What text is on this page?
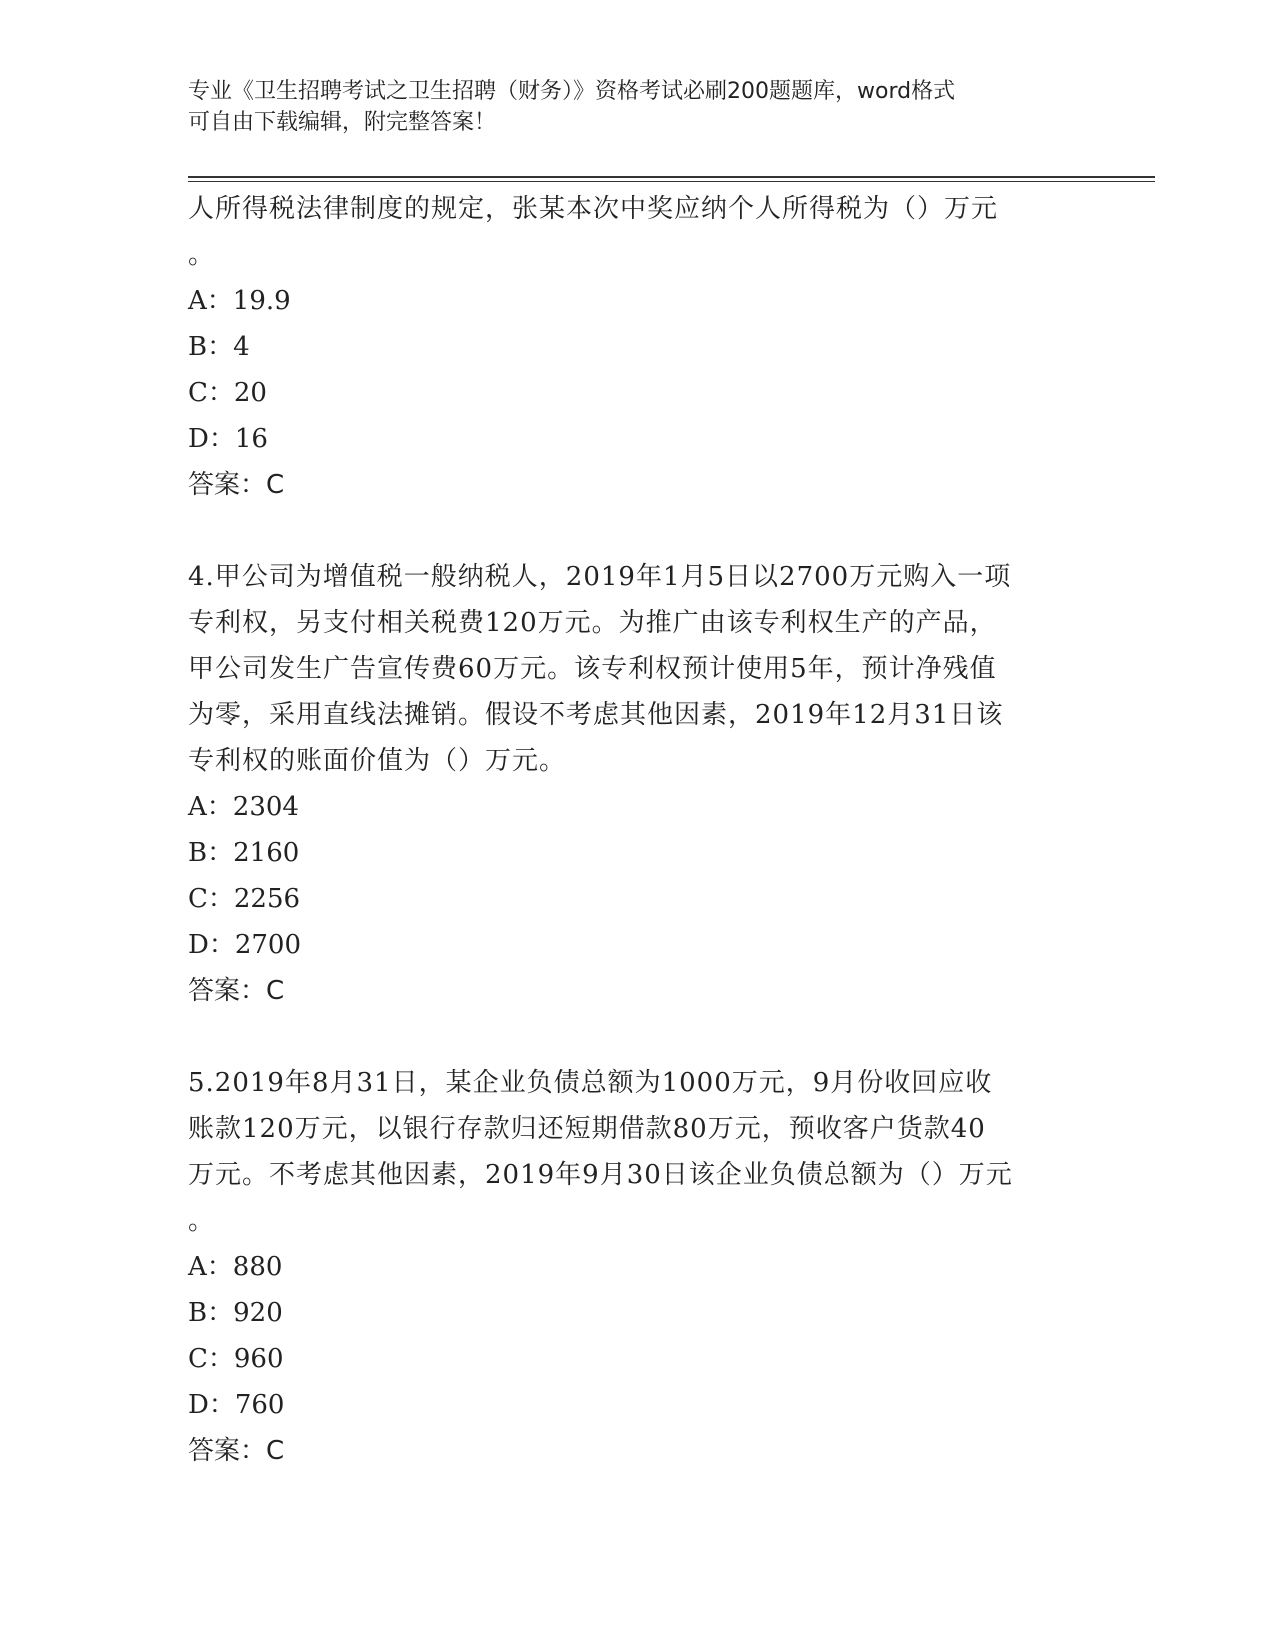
专业《卫生招聘考试之卫生招聘（财务）》资格考试必刷200题题库，word格式
可自由下载编辑，附完整答案！
人所得税法律制度的规定，张某本次中奖应纳个人所得税为（）万元
。
A：19.9
B：4
C：20
D：16
答案：C
4.甲公司为增值税一般纳税人，2019年1月5日以2700万元购入一项
专利权，另支付相关税费120万元。为推广由该专利权生产的产品，
甲公司发生广告宣传费60万元。该专利权预计使用5年，预计净残值
为零，采用直线法摊销。假设不考虑其他因素，2019年12月31日该
专利权的账面价值为（）万元。
A：2304
B：2160
C：2256
D：2700
答案：C
5.2019年8月31日，某企业负债总额为1000万元，9月份收回应收
账款120万元，以银行存款归还短期借款80万元，预收客户货款40
万元。不考虑其他因素，2019年9月30日该企业负债总额为（）万元
。
A：880
B：920
C：960
D：760
答案：C
